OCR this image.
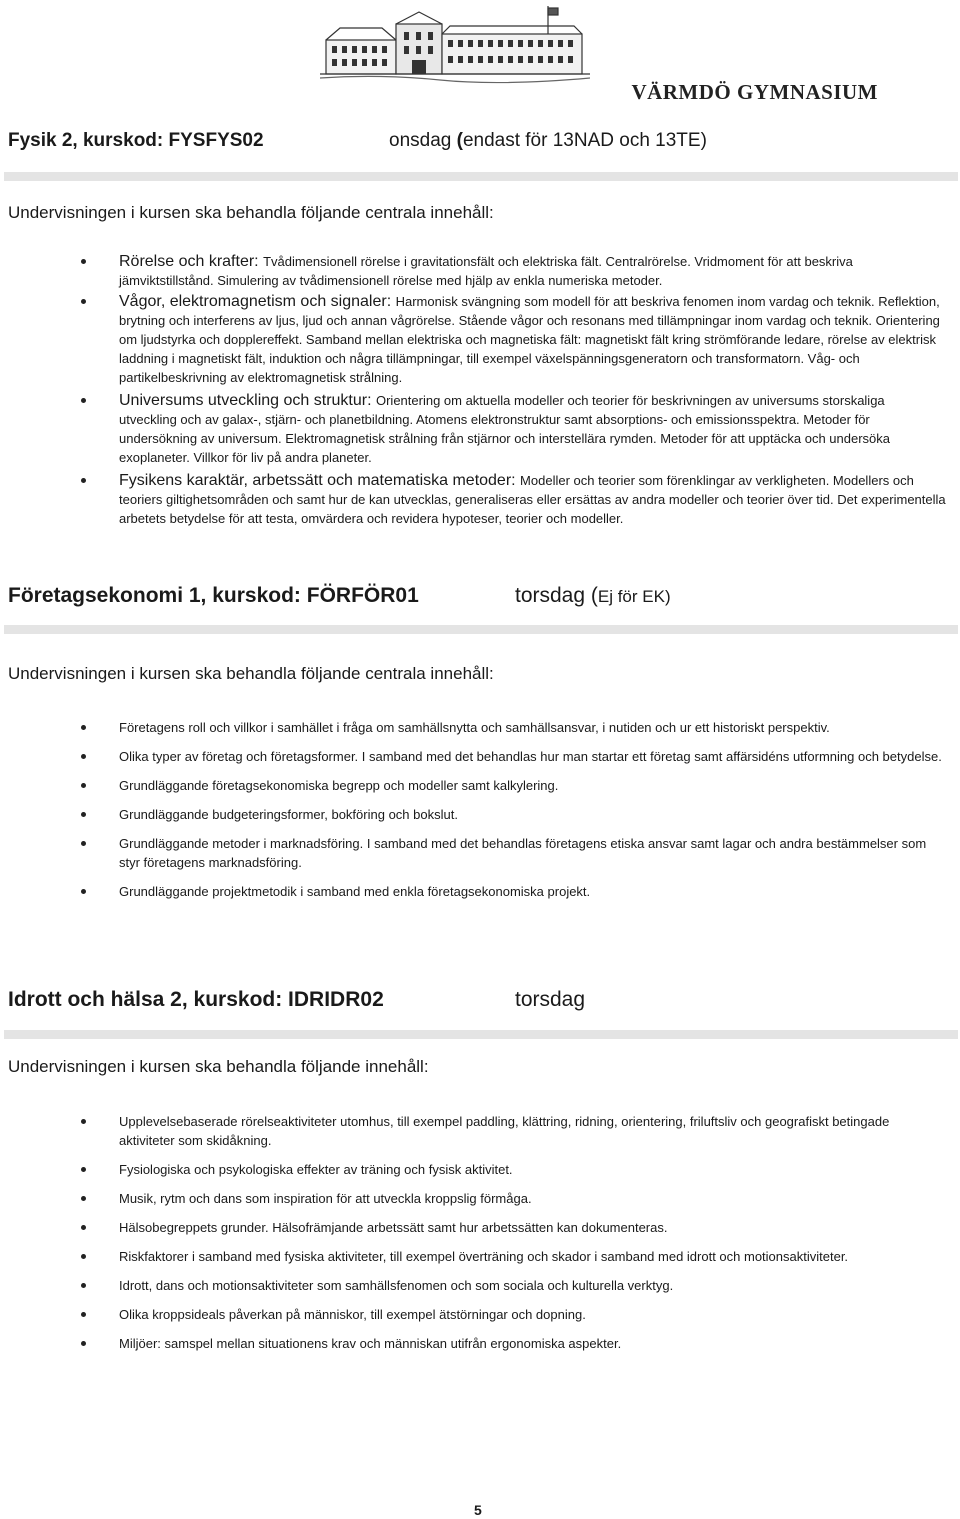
VÄRMDÖ GYMNASIUM
Fysik 2, kurskod: FYSFYS02	onsdag (endast för 13NAD och 13TE)
Undervisningen i kursen ska behandla följande centrala innehåll:
Rörelse och krafter: Tvådimensionell rörelse i gravitationsfält och elektriska fält. Centralrörelse. Vridmoment för att beskriva jämviktstillstånd. Simulering av tvådimensionell rörelse med hjälp av enkla numeriska metoder.
Vågor, elektromagnetism och signaler: Harmonisk svängning som modell för att beskriva fenomen inom vardag och teknik. Reflektion, brytning och interferens av ljus, ljud och annan vågrörelse. Stående vågor och resonans med tillämpningar inom vardag och teknik. Orientering om ljudstyrka och dopplereffekt. Samband mellan elektriska och magnetiska fält: magnetiskt fält kring strömförande ledare, rörelse av elektrisk laddning i magnetiskt fält, induktion och några tillämpningar, till exempel växelspänningsgeneratorn och transformatorn. Våg- och partikelbeskrivning av elektromagnetisk strålning.
Universums utveckling och struktur: Orientering om aktuella modeller och teorier för beskrivningen av universums storskaliga utveckling och av galax-, stjärn- och planetbildning. Atomens elektronstruktur samt absorptions- och emissionsspektra. Metoder för undersökning av universum. Elektromagnetisk strålning från stjärnor och interstellära rymden. Metoder för att upptäcka och undersöka exoplaneter. Villkor för liv på andra planeter.
Fysikens karaktär, arbetssätt och matematiska metoder: Modeller och teorier som förenklingar av verkligheten. Modellers och teoriers giltighetsområden och samt hur de kan utvecklas, generaliseras eller ersättas av andra modeller och teorier över tid. Det experimentella arbetets betydelse för att testa, omvärdera och revidera hypoteser, teorier och modeller.
Företagsekonomi 1, kurskod: FÖRFÖR01	torsdag (Ej för EK)
Undervisningen i kursen ska behandla följande centrala innehåll:
Företagens roll och villkor i samhället i fråga om samhällsnytta och samhällsansvar, i nutiden och ur ett historiskt perspektiv.
Olika typer av företag och företagsformer. I samband med det behandlas hur man startar ett företag samt affärsidéns utformning och betydelse.
Grundläggande företagsekonomiska begrepp och modeller samt kalkylering.
Grundläggande budgeteringsformer, bokföring och bokslut.
Grundläggande metoder i marknadsföring. I samband med det behandlas företagens etiska ansvar samt lagar och andra bestämmelser som styr företagens marknadsföring.
Grundläggande projektmetodik i samband med enkla företagsekonomiska projekt.
Idrott och hälsa 2, kurskod: IDRIDR02	torsdag
Undervisningen i kursen ska behandla följande innehåll:
Upplevelsebaserade rörelseaktiviteter utomhus, till exempel paddling, klättring, ridning, orientering, friluftsliv och geografiskt betingade aktiviteter som skidåkning.
Fysiologiska och psykologiska effekter av träning och fysisk aktivitet.
Musik, rytm och dans som inspiration för att utveckla kroppslig förmåga.
Hälsobegreppets grunder. Hälsofrämjande arbetssätt samt hur arbetssätten kan dokumenteras.
Riskfaktorer i samband med fysiska aktiviteter, till exempel överträning och skador i samband med idrott och motionsaktiviteter.
Idrott, dans och motionsaktiviteter som samhällsfenomen och som sociala och kulturella verktyg.
Olika kroppsideals påverkan på människor, till exempel ätstörningar och dopning.
Miljöer: samspel mellan situationens krav och människan utifrån ergonomiska aspekter.
5
